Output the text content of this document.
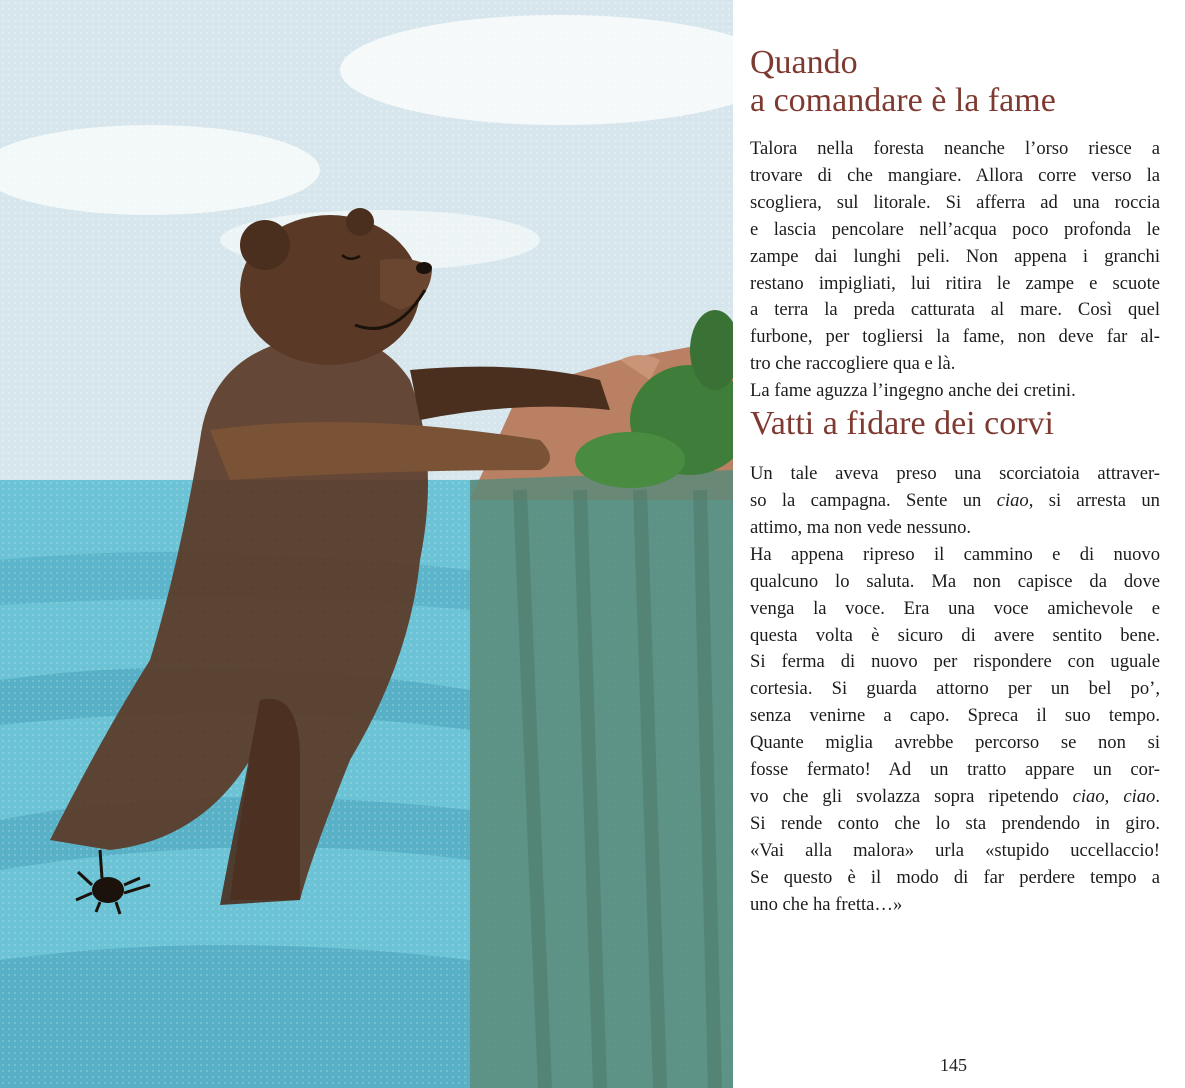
Quando
a comandare è la fame

Talora nella foresta neanche l’orso riesce a

trovare di che mangiare. Allora corre verso la

scogliera, sul litorale. Si afferra ad una roccia

e lascia pencolare nell’acqua poco profonda le

zampe dai lunghi peli. Non appena i granchi

restano impigliati, lui ritira le zampe e scuote

a terra la preda catturata al mare. Così quel

furbone, per togliersi la fame, non deve far al-

tro che raccogliere qua e là.

La fame aguzza l’ingegno anche dei cretini.

Vatti a fidare dei corvi

Un tale aveva preso una scorciatoia attraver-

so la campagna. Sente un ciao, si arresta un

attimo, ma non vede nessuno.

Ha appena ripreso il cammino e di nuovo

qualcuno lo saluta. Ma non capisce da dove

venga la voce. Era una voce amichevole e

questa volta è sicuro di avere sentito bene.

Si ferma di nuovo per rispondere con uguale

cortesia. Si guarda attorno per un bel po’,

senza venirne a capo. Spreca il suo tempo.

Quante miglia avrebbe percorso se non si

fosse fermato! Ad un tratto appare un cor-

vo che gli svolazza sopra ripetendo ciao, ciao.

Si rende conto che lo sta prendendo in giro.

«Vai alla malora» urla «stupido uccellaccio!

Se questo è il modo di far perdere tempo a

uno che ha fretta…»

145
